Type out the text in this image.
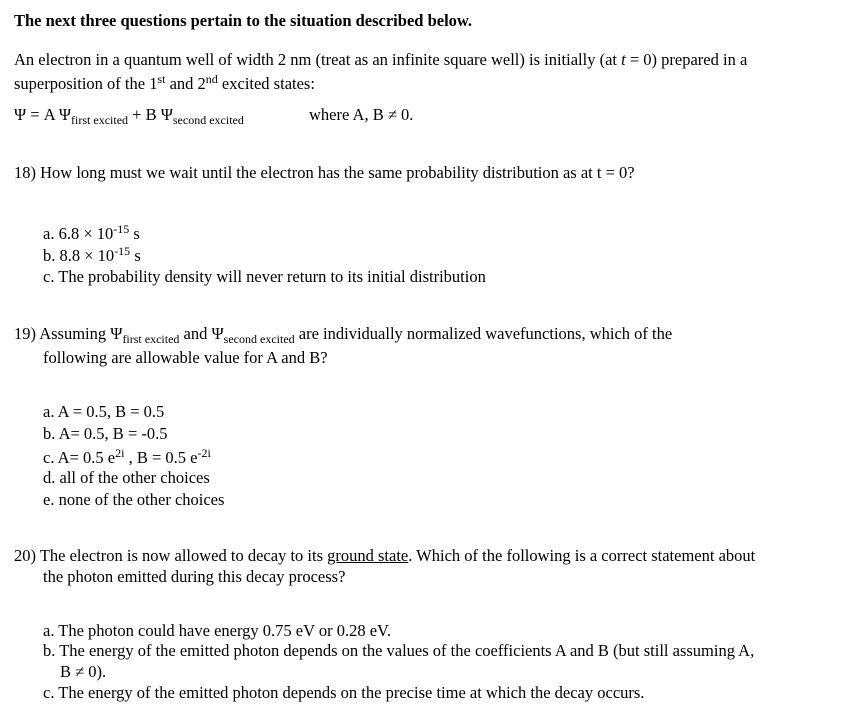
The next three questions pertain to the situation described below.
An electron in a quantum well of width 2 nm (treat as an infinite square well) is initially (at t = 0) prepared in a
superposition of the 1st and 2nd excited states:
Ψ = A $\Psi_{first excited} + B$ $\Psi_{second excited}$	where A, B ≠ 0.
18) How long must we wait until the electron has the same probability distribution as at t = 0?
a. $6.8 \times 10^{-15}$ s
b. $8.8 \times 10^{-15}$ s
c. The probability density will never return to its initial distribution
19) Assuming $\Psi_{first excited}$ and $\Psi_{second excited}$ are individually normalized wavefunctions, which of the
following are allowable value for A and B?
a. A = 0.5, B = 0.5
b. A= 0.5, B = -0.5
c. A= 0.5 $e^{2i}$ , B = 0.5 $e^{-2i}$
d. all of the other choices
e. none of the other choices
20) The electron is now allowed to decay to its ground state. Which of the following is a correct statement about
the photon emitted during this decay process?
a. The photon could have energy 0.75 eV or 0.28 eV.
b. The energy of the emitted photon depends on the values of the coefficients A and B (but still assuming A,
B ≠ 0).
c. The energy of the emitted photon depends on the precise time at which the decay occurs.
